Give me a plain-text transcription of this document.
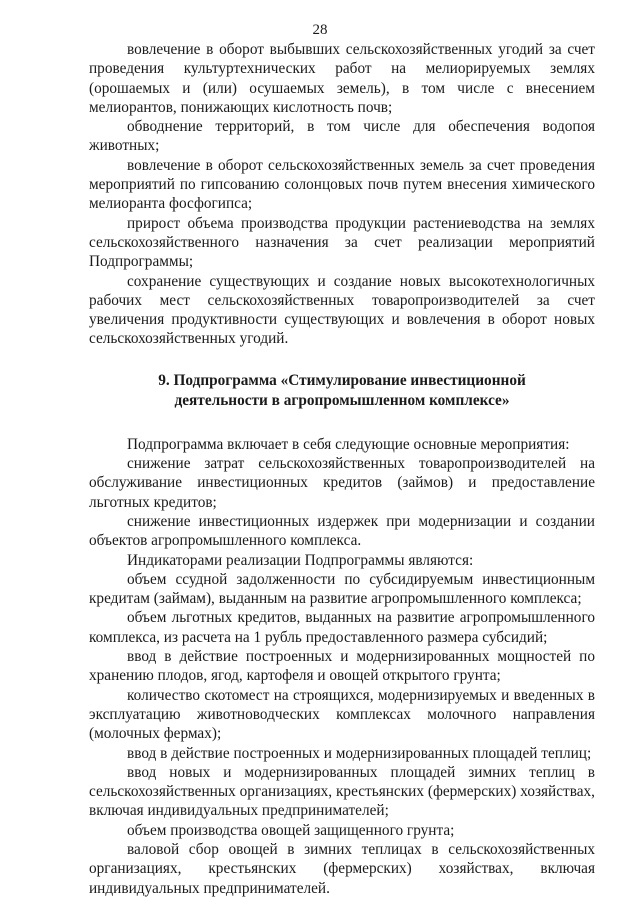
28

вовлечение в оборот выбывших сельскохозяйственных угодий за счет проведения культуртехнических работ на мелиорируемых землях (орошаемых и (или) осушаемых земель), в том числе с внесением мелиорантов, понижающих кислотность почв;

обводнение территорий, в том числе для обеспечения водопоя животных;

вовлечение в оборот сельскохозяйственных земель за счет проведения мероприятий по гипсованию солонцовых почв путем внесения химического мелиоранта фосфогипса;

прирост объема производства продукции растениеводства на землях сельскохозяйственного назначения за счет реализации мероприятий Подпрограммы;

сохранение существующих и создание новых высокотехнологичных рабочих мест сельскохозяйственных товаропроизводителей за счет увеличения продуктивности существующих и вовлечения в оборот новых сельскохозяйственных угодий.

9. Подпрограмма «Стимулирование инвестиционной
деятельности в агропромышленном комплексе»

Подпрограмма включает в себя следующие основные мероприятия:

снижение затрат сельскохозяйственных товаропроизводителей на обслуживание инвестиционных кредитов (займов) и предоставление льготных кредитов;

снижение инвестиционных издержек при модернизации и создании объектов агропромышленного комплекса.

Индикаторами реализации Подпрограммы являются:

объем ссудной задолженности по субсидируемым инвестиционным кредитам (займам), выданным на развитие агропромышленного комплекса;

объем льготных кредитов, выданных на развитие агропромышленного комплекса, из расчета на 1 рубль предоставленного размера субсидий;

ввод в действие построенных и модернизированных мощностей по хранению плодов, ягод, картофеля и овощей открытого грунта;

количество скотомест на строящихся, модернизируемых и введенных в эксплуатацию животноводческих комплексах молочного направления (молочных фермах);

ввод в действие построенных и модернизированных площадей теплиц;

ввод новых и модернизированных площадей зимних теплиц в сельскохозяйственных организациях, крестьянских (фермерских) хозяйствах, включая индивидуальных предпринимателей;

объем производства овощей защищенного грунта;

валовой сбор овощей в зимних теплицах в сельскохозяйственных организациях, крестьянских (фермерских) хозяйствах, включая индивидуальных предпринимателей.
